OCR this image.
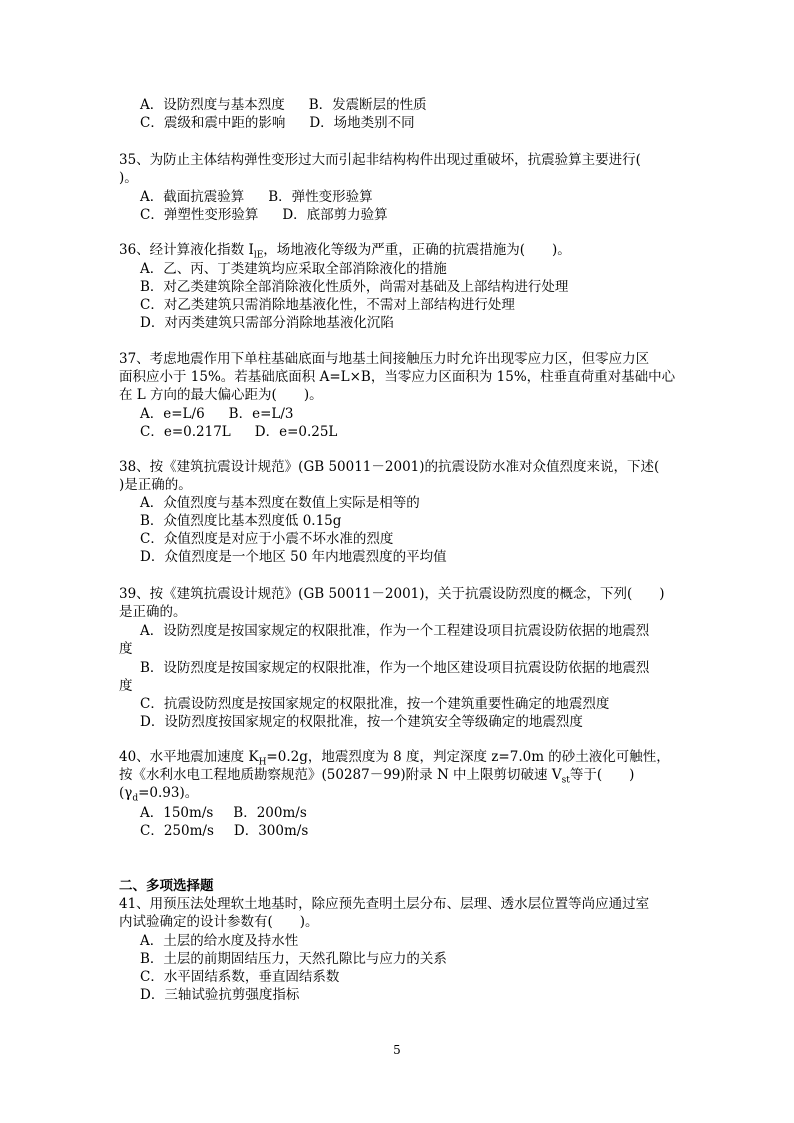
A．设防烈度与基本烈度 B．发震断层的性质
C．震级和震中距的影响 D．场地类别不同
35、为防止主体结构弹性变形过大而引起非结构构件出现过重破坏，抗震验算主要进行(
)。
A．截面抗震验算 B．弹性变形验算
C．弹塑性变形验算 D．底部剪力验算
36、经计算液化指数 $I_{lE}$，场地液化等级为严重，正确的抗震措施为(　　)。
A．乙、丙、丁类建筑均应采取全部消除液化的措施
B．对乙类建筑除全部消除液化性质外，尚需对基础及上部结构进行处理
C．对乙类建筑只需消除地基液化性，不需对上部结构进行处理
D．对丙类建筑只需部分消除地基液化沉陷
37、考虑地震作用下单柱基础底面与地基土间接触压力时允许出现零应力区，但零应力区
面积应小于 15%。若基础底面积 A=L×B，当零应力区面积为 15%，柱垂直荷重对基础中心
在 L 方向的最大偏心距为(　　)。
A．e=L/6 B．e=L/3
C．e=0.217L D．e=0.25L
38、按《建筑抗震设计规范》(GB 50011－2001)的抗震设防水准对众值烈度来说，下述(
)是正确的。
A．众值烈度与基本烈度在数值上实际是相等的
B．众值烈度比基本烈度低 0.15g
C．众值烈度是对应于小震不坏水准的烈度
D．众值烈度是一个地区 50 年内地震烈度的平均值
39、按《建筑抗震设计规范》(GB 50011－2001)，关于抗震设防烈度的概念，下列(　　)
是正确的。
A．设防烈度是按国家规定的权限批准，作为一个工程建设项目抗震设防依据的地震烈
度
B．设防烈度是按国家规定的权限批准，作为一个地区建设项目抗震设防依据的地震烈
度
C．抗震设防烈度是按国家规定的权限批准，按一个建筑重要性确定的地震烈度
D．设防烈度按国家规定的权限批准，按一个建筑安全等级确定的地震烈度
40、水平地震加速度 $K_H=0.2g$，地震烈度为 8 度，判定深度 z=7.0m 的砂土液化可触性，
按《水利水电工程地质勘察规范》(50287－99)附录 N 中上限剪切破速 $V_{st}$等于(　　)
$(\gamma_d=0.93)$。
A．150m/s B．200m/s
C．250m/s D．300m/s
二、多项选择题
41、用预压法处理软土地基时，除应预先查明土层分布、层理、透水层位置等尚应通过室
内试验确定的设计参数有(　　)。
A．土层的给水度及持水性
B．土层的前期固结压力，天然孔隙比与应力的关系
C．水平固结系数，垂直固结系数
D．三轴试验抗剪强度指标
5
